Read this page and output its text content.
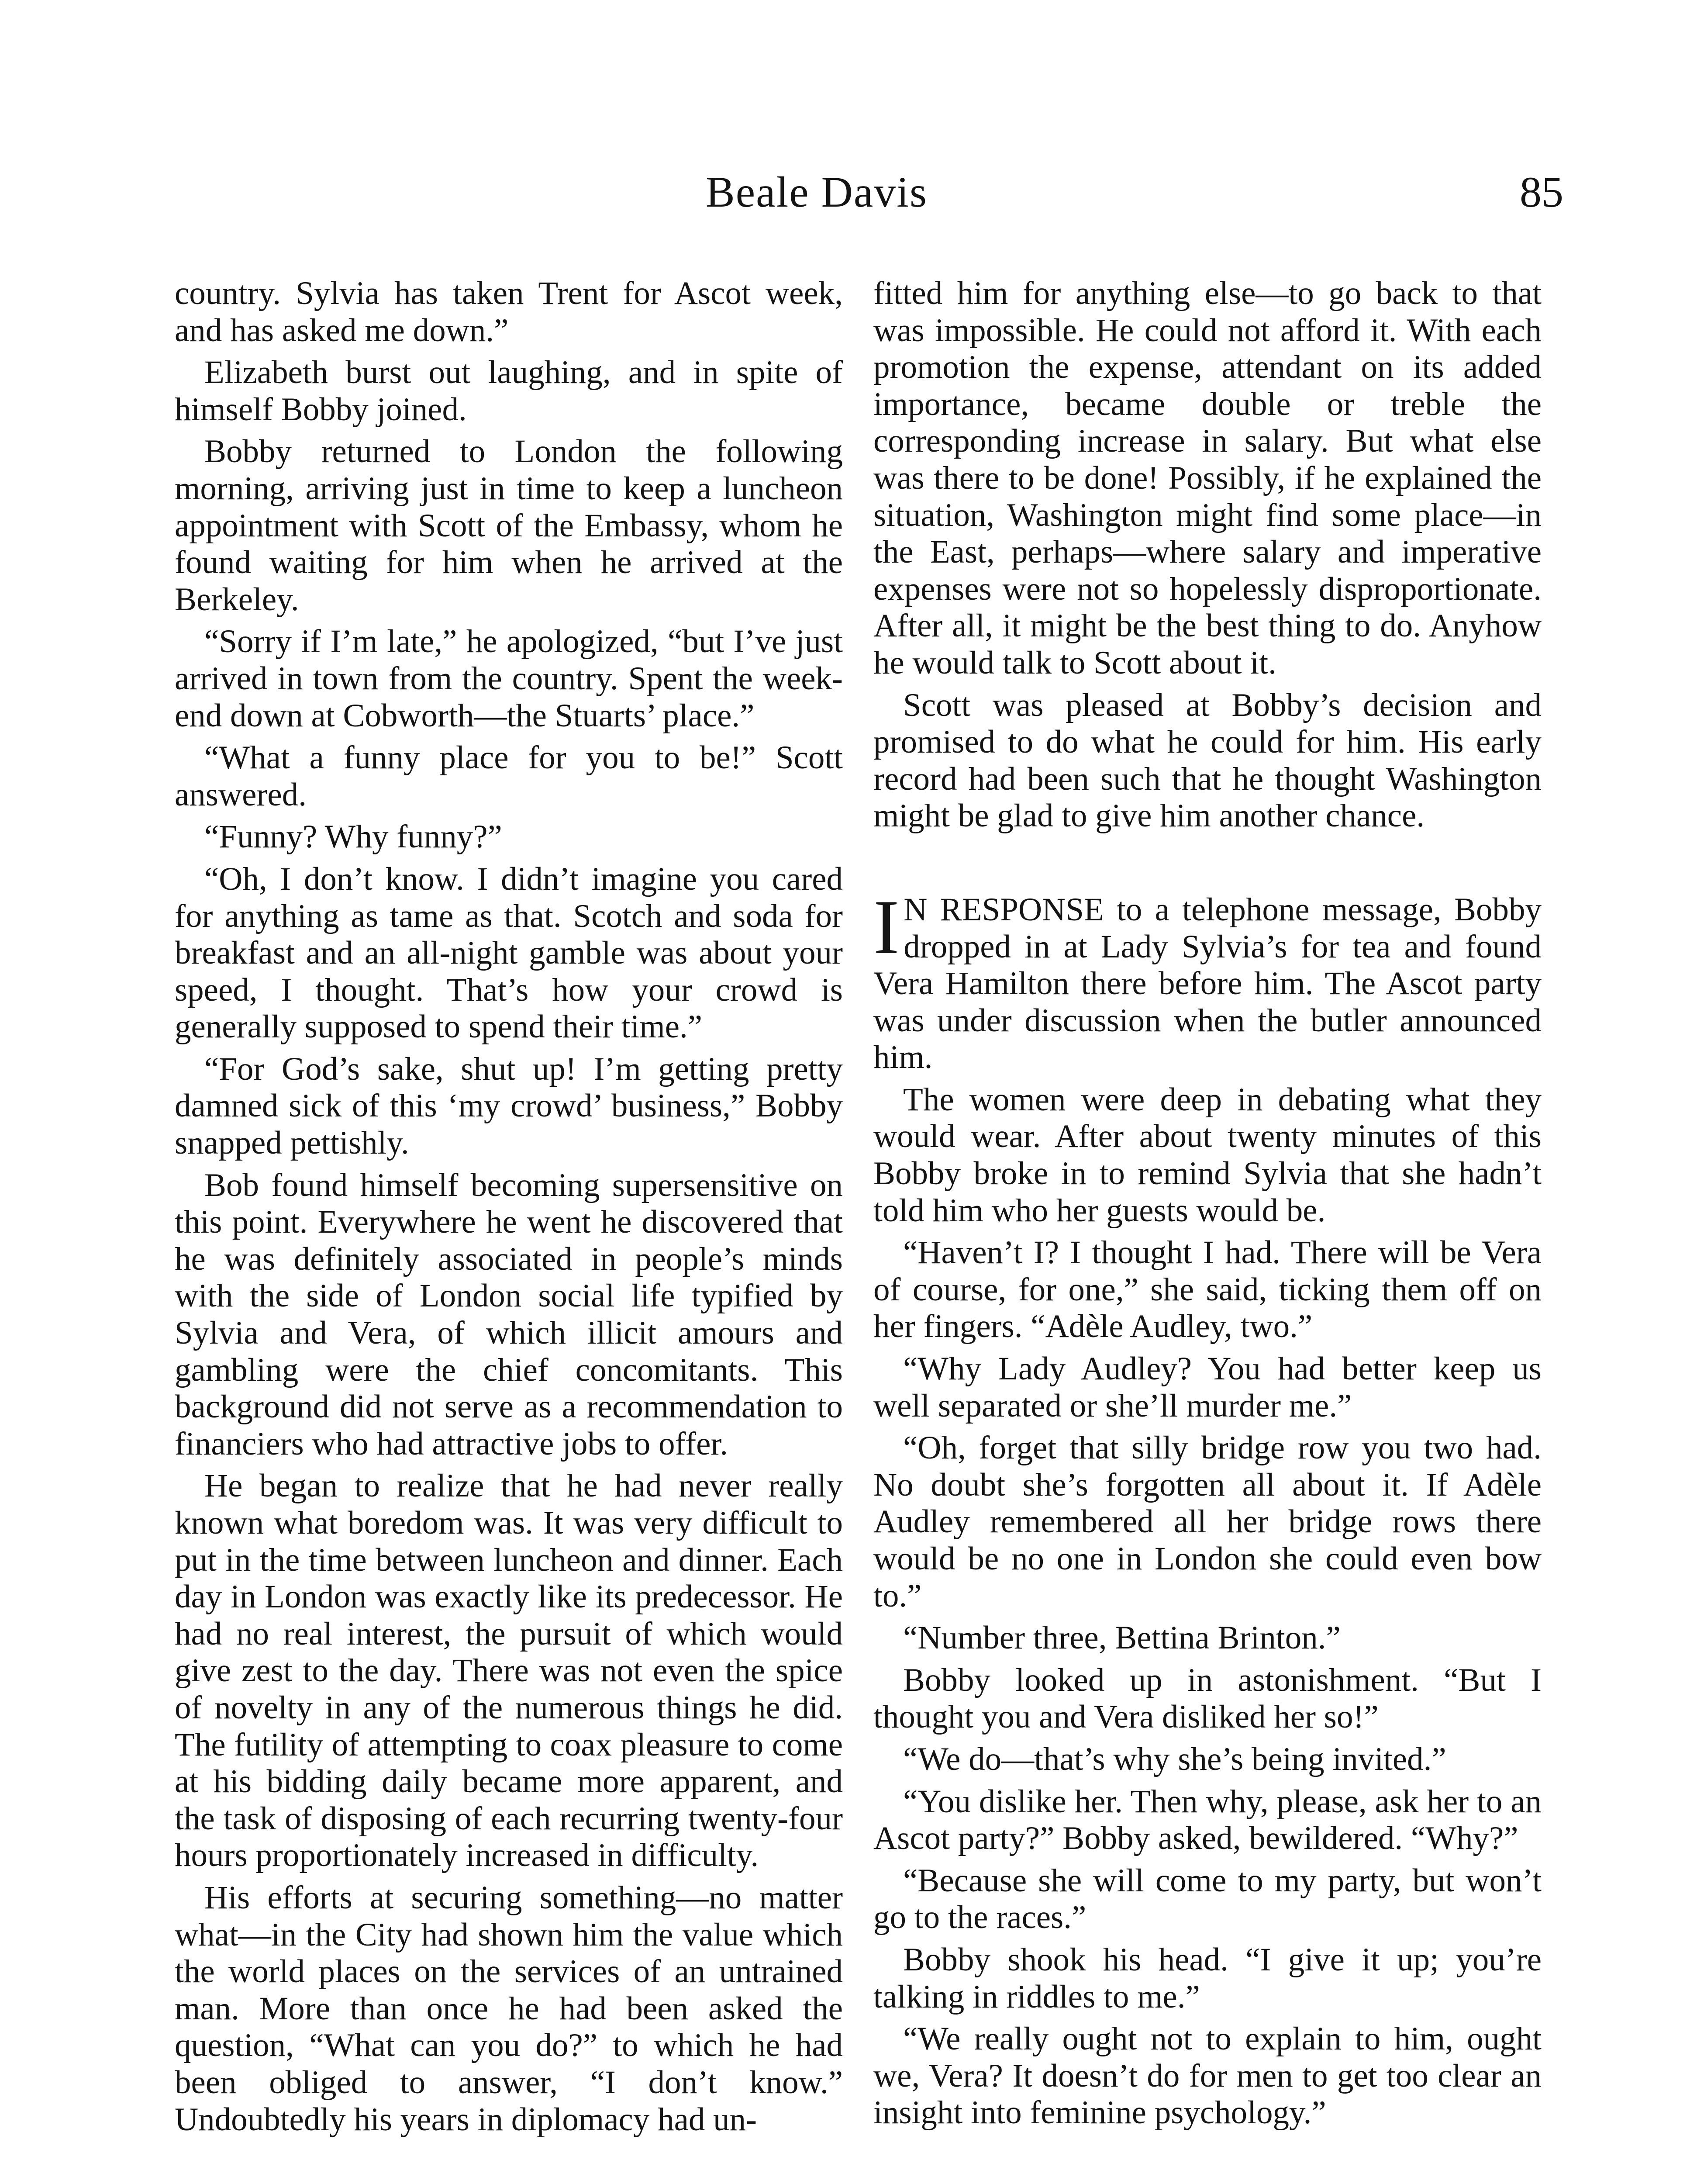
Beale Davis	85

country. Sylvia has taken Trent for Ascot week, and has asked me down.”

Elizabeth burst out laughing, and in spite of himself Bobby joined.

Bobby returned to London the following morning, arriving just in time to keep a luncheon appointment with Scott of the Embassy, whom he found waiting for him when he arrived at the Berkeley.

“Sorry if I’m late,” he apologized, “but I’ve just arrived in town from the country. Spent the week-end down at Cobworth—the Stuarts’ place.”

“What a funny place for you to be!” Scott answered.

“Funny? Why funny?”

“Oh, I don’t know. I didn’t imagine you cared for anything as tame as that. Scotch and soda for breakfast and an all-night gamble was about your speed, I thought. That’s how your crowd is generally supposed to spend their time.”

“For God’s sake, shut up! I’m getting pretty damned sick of this ‘my crowd’ business,” Bobby snapped pettishly.

Bob found himself becoming supersensitive on this point. Everywhere he went he discovered that he was definitely associated in people’s minds with the side of London social life typified by Sylvia and Vera, of which illicit amours and gambling were the chief concomitants. This background did not serve as a recommendation to financiers who had attractive jobs to offer.

He began to realize that he had never really known what boredom was. It was very difficult to put in the time between luncheon and dinner. Each day in London was exactly like its predecessor. He had no real interest, the pursuit of which would give zest to the day. There was not even the spice of novelty in any of the numerous things he did. The futility of attempting to coax pleasure to come at his bidding daily became more apparent, and the task of disposing of each recurring twenty-four hours proportionately increased in difficulty.

His efforts at securing something—no matter what—in the City had shown him the value which the world places on the services of an untrained man. More than once he had been asked the question, “What can you do?” to which he had been obliged to answer, “I don’t know.” Undoubtedly his years in diplomacy had un-

fitted him for anything else—to go back to that was impossible. He could not afford it. With each promotion the expense, attendant on its added importance, became double or treble the corresponding increase in salary. But what else was there to be done! Possibly, if he explained the situation, Washington might find some place—in the East, perhaps—where salary and imperative expenses were not so hopelessly disproportionate. After all, it might be the best thing to do. Anyhow he would talk to Scott about it.

Scott was pleased at Bobby’s decision and promised to do what he could for him. His early record had been such that he thought Washington might be glad to give him another chance.

I N RESPONSE to a telephone message, Bobby dropped in at Lady Sylvia’s for tea and found Vera Hamilton there before him. The Ascot party was under discussion when the butler announced him.

The women were deep in debating what they would wear. After about twenty minutes of this Bobby broke in to remind Sylvia that she hadn’t told him who her guests would be.

“Haven’t I? I thought I had. There will be Vera of course, for one,” she said, ticking them off on her fingers. “Adèle Audley, two.”

“Why Lady Audley? You had better keep us well separated or she’ll murder me.”

“Oh, forget that silly bridge row you two had. No doubt she’s forgotten all about it. If Adèle Audley remembered all her bridge rows there would be no one in London she could even bow to.”

“Number three, Bettina Brinton.”

Bobby looked up in astonishment. “But I thought you and Vera disliked her so!”

“We do—that’s why she’s being invited.”

“You dislike her. Then why, please, ask her to an Ascot party?” Bobby asked, bewildered. “Why?”

“Because she will come to my party, but won’t go to the races.”

Bobby shook his head. “I give it up; you’re talking in riddles to me.”

“We really ought not to explain to him, ought we, Vera? It doesn’t do for men to get too clear an insight into feminine psychology.”
